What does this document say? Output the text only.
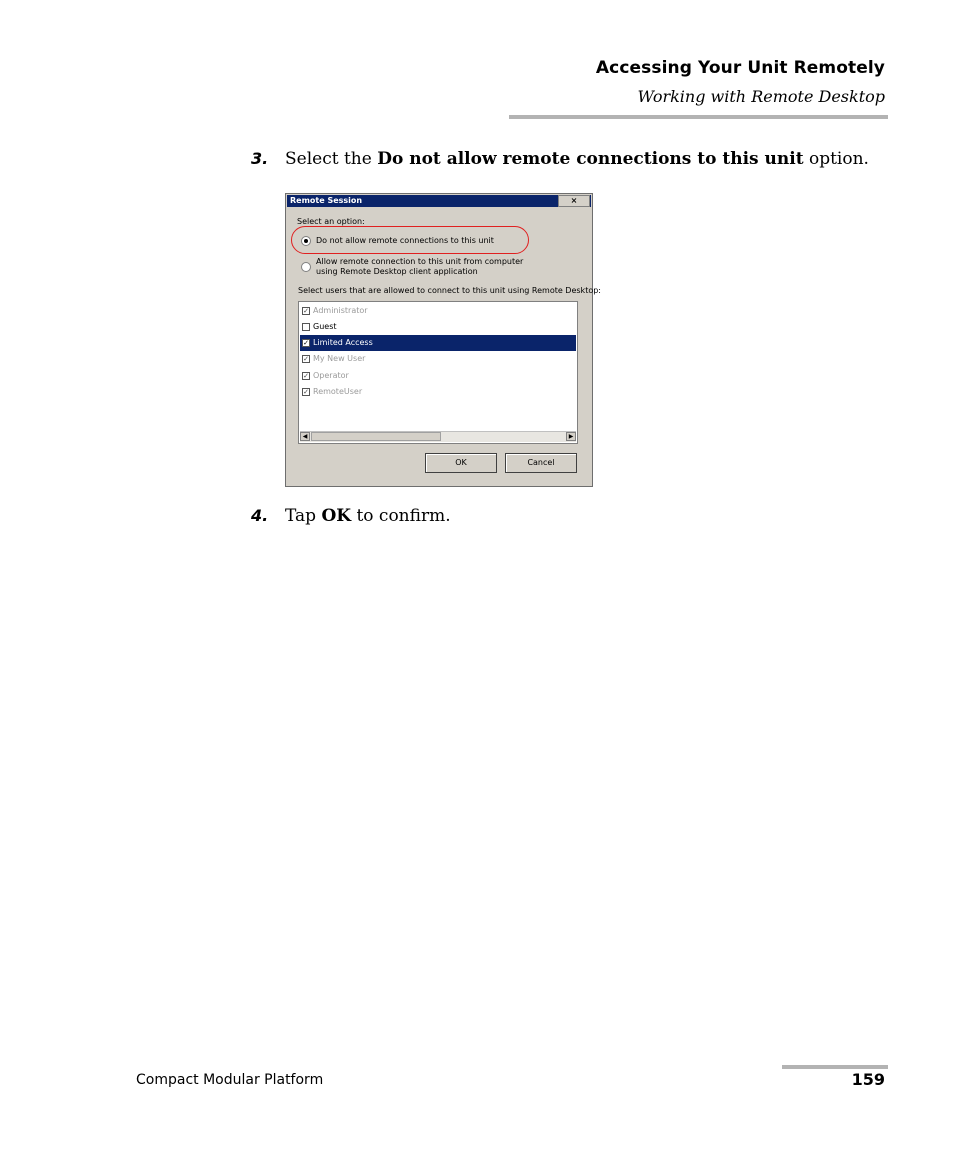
Accessing Your Unit Remotely
Working with Remote Desktop
3. Select the Do not allow remote connections to this unit option.
Remote Session	×
Select an option:
Do not allow remote connections to this unit
Allow remote connection to this unit from computer
using Remote Desktop client application
Select users that are allowed to connect to this unit using Remote Desktop:
✓ Administrator
Guest
✓ Limited Access
✓ My New User
✓ Operator
✓ RemoteUser
◀	▶
OK	Cancel
4. Tap OK to confirm.
Compact Modular Platform	159
